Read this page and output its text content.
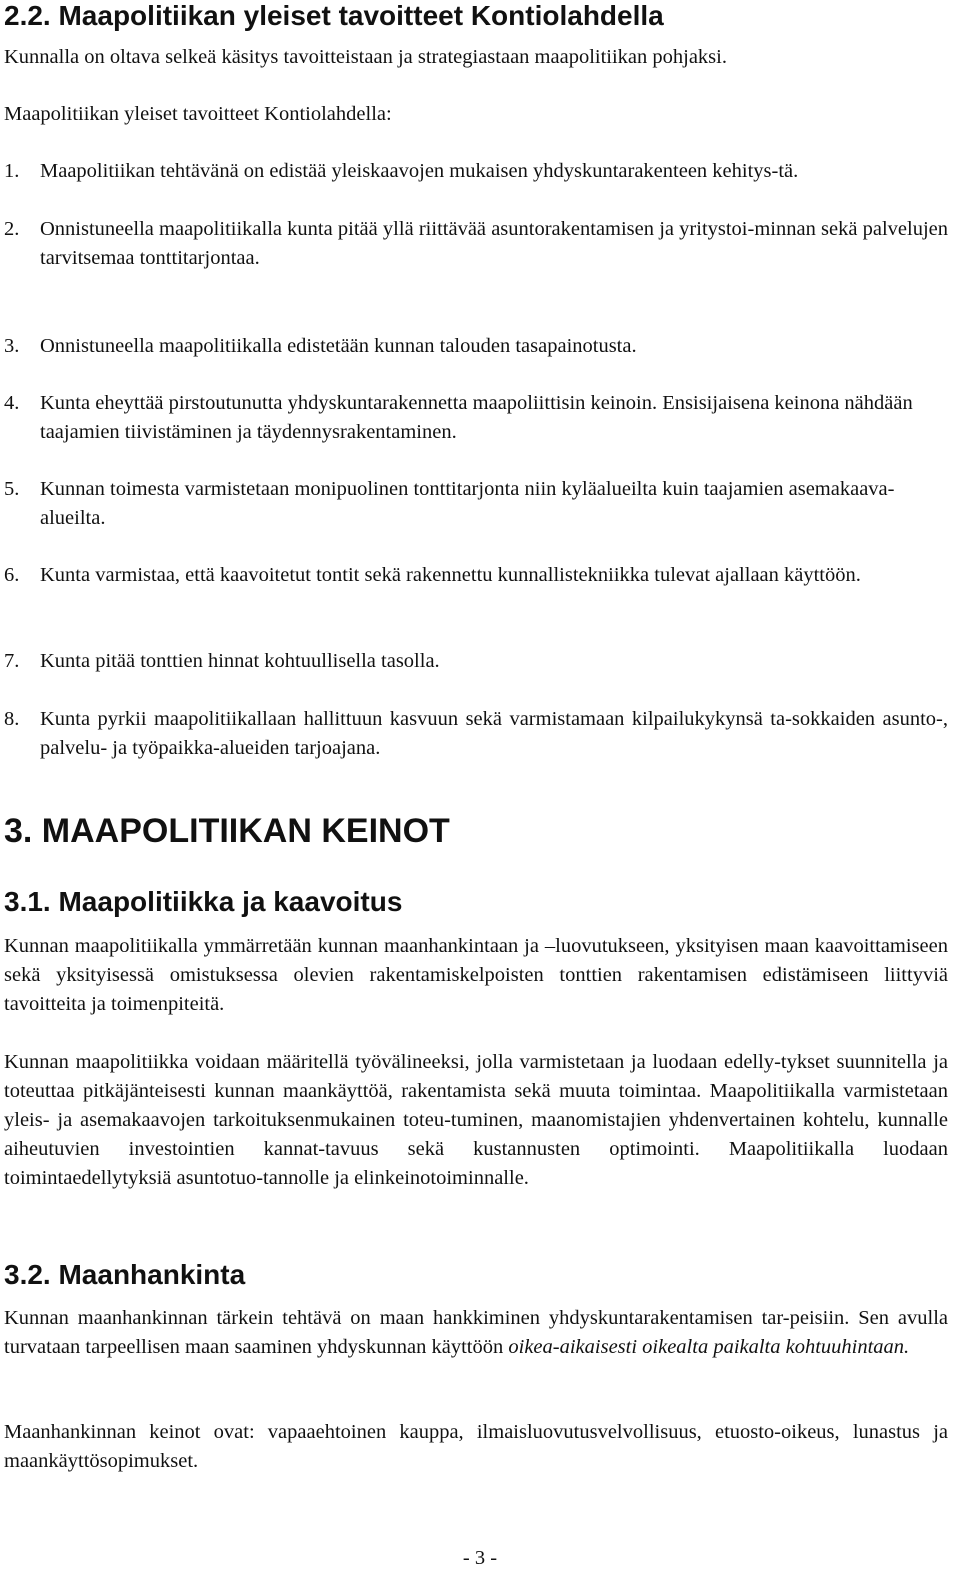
2.2. Maapolitiikan yleiset tavoitteet Kontiolahdella

Kunnalla on oltava selkeä käsitys tavoitteistaan ja strategiastaan maapolitiikan pohjaksi.

Maapolitiikan yleiset tavoitteet Kontiolahdella:

1. Maapolitiikan tehtävänä on edistää yleiskaavojen mukaisen yhdyskuntarakenteen kehitys-tä.
2. Onnistuneella maapolitiikalla kunta pitää yllä riittävää asuntorakentamisen ja yritystoi-minnan sekä palvelujen tarvitsemaa tonttitarjontaa.
3. Onnistuneella maapolitiikalla edistetään kunnan talouden tasapainotusta.
4. Kunta eheyttää pirstoutunutta yhdyskuntarakennetta maapoliittisin keinoin. Ensisijaisena keinona nähdään taajamien tiivistäminen ja täydennysrakentaminen.
5. Kunnan toimesta varmistetaan monipuolinen tonttitarjonta niin kyläalueilta kuin taajamien asemakaava-alueilta.
6. Kunta varmistaa, että kaavoitetut tontit sekä rakennettu kunnallistekniikka tulevat ajallaan käyttöön.
7. Kunta pitää tonttien hinnat kohtuullisella tasolla.
8. Kunta pyrkii maapolitiikallaan hallittuun kasvuun sekä varmistamaan kilpailukykynsä ta-sokkaiden asunto-, palvelu- ja työpaikka-alueiden tarjoajana.
3. MAAPOLITIIKAN KEINOT
3.1. Maapolitiikka ja kaavoitus

Kunnan maapolitiikalla ymmärretään kunnan maanhankintaan ja –luovutukseen, yksityisen maan kaavoittamiseen sekä yksityisessä omistuksessa olevien rakentamiskelpoisten tonttien rakentamisen edistämiseen liittyviä tavoitteita ja toimenpiteitä.

Kunnan maapolitiikka voidaan määritellä työvälineeksi, jolla varmistetaan ja luodaan edelly-tykset suunnitella ja toteuttaa pitkäjänteisesti kunnan maankäyttöä, rakentamista sekä muuta toimintaa. Maapolitiikalla varmistetaan yleis- ja asemakaavojen tarkoituksenmukainen toteu-tuminen, maanomistajien yhdenvertainen kohtelu, kunnalle aiheutuvien investointien kannat-tavuus sekä kustannusten optimointi. Maapolitiikalla luodaan toimintaedellytyksiä asuntotuo-tannolle ja elinkeinotoiminnalle.

3.2. Maanhankinta

Kunnan maanhankinnan tärkein tehtävä on maan hankkiminen yhdyskuntarakentamisen tar-peisiin. Sen avulla turvataan tarpeellisen maan saaminen yhdyskunnan käyttöön oikea-aikaisesti oikealta paikalta kohtuuhintaan.

Maanhankinnan keinot ovat: vapaaehtoinen kauppa, ilmaisluovutusvelvollisuus, etuosto-oikeus, lunastus ja maankäyttösopimukset.

- 3 -
